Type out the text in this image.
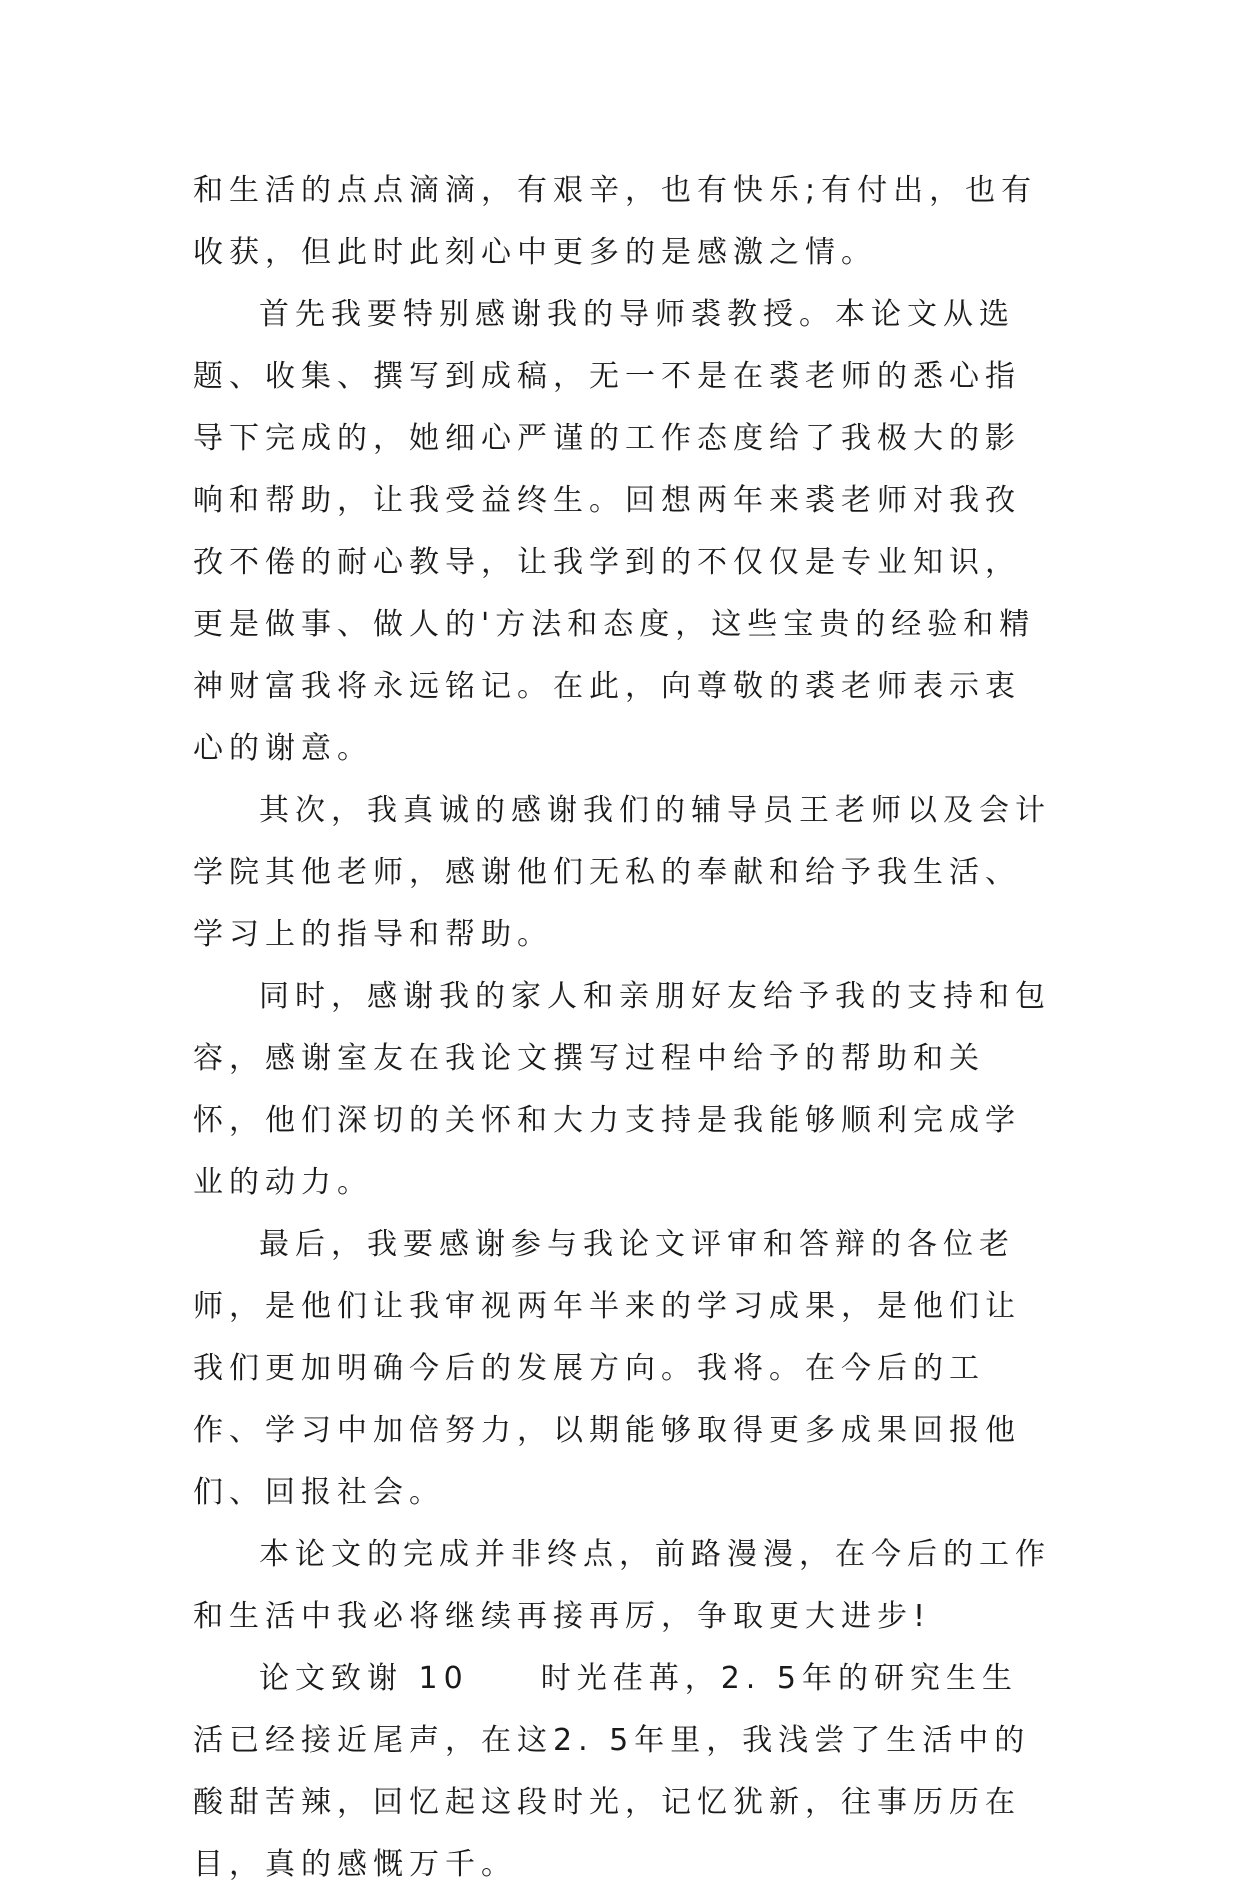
和生活的点点滴滴，有艰辛，也有快乐;有付出，也有收获，但此时此刻心中更多的是感激之情。

首先我要特别感谢我的导师裘教授。本论文从选题、收集、撰写到成稿，无一不是在裘老师的悉心指导下完成的，她细心严谨的工作态度给了我极大的影响和帮助，让我受益终生。回想两年来裘老师对我孜孜不倦的耐心教导，让我学到的不仅仅是专业知识，更是做事、做人的'方法和态度，这些宝贵的经验和精神财富我将永远铭记。在此，向尊敬的裘老师表示衷心的谢意。

其次，我真诚的感谢我们的辅导员王老师以及会计学院其他老师，感谢他们无私的奉献和给予我生活、学习上的指导和帮助。

同时，感谢我的家人和亲朋好友给予我的支持和包容，感谢室友在我论文撰写过程中给予的帮助和关怀，他们深切的关怀和大力支持是我能够顺利完成学业的动力。

最后，我要感谢参与我论文评审和答辩的各位老师，是他们让我审视两年半来的学习成果，是他们让我们更加明确今后的发展方向。我将。在今后的工作、学习中加倍努力，以期能够取得更多成果回报他们、回报社会。

本论文的完成并非终点，前路漫漫，在今后的工作和生活中我必将继续再接再厉，争取更大进步!

论文致谢 10　　时光荏苒，2. 5年的研究生生活已经接近尾声，在这2. 5年里，我浅尝了生活中的酸甜苦辣，回忆起这段时光，记忆犹新，往事历历在目，真的感慨万千。
